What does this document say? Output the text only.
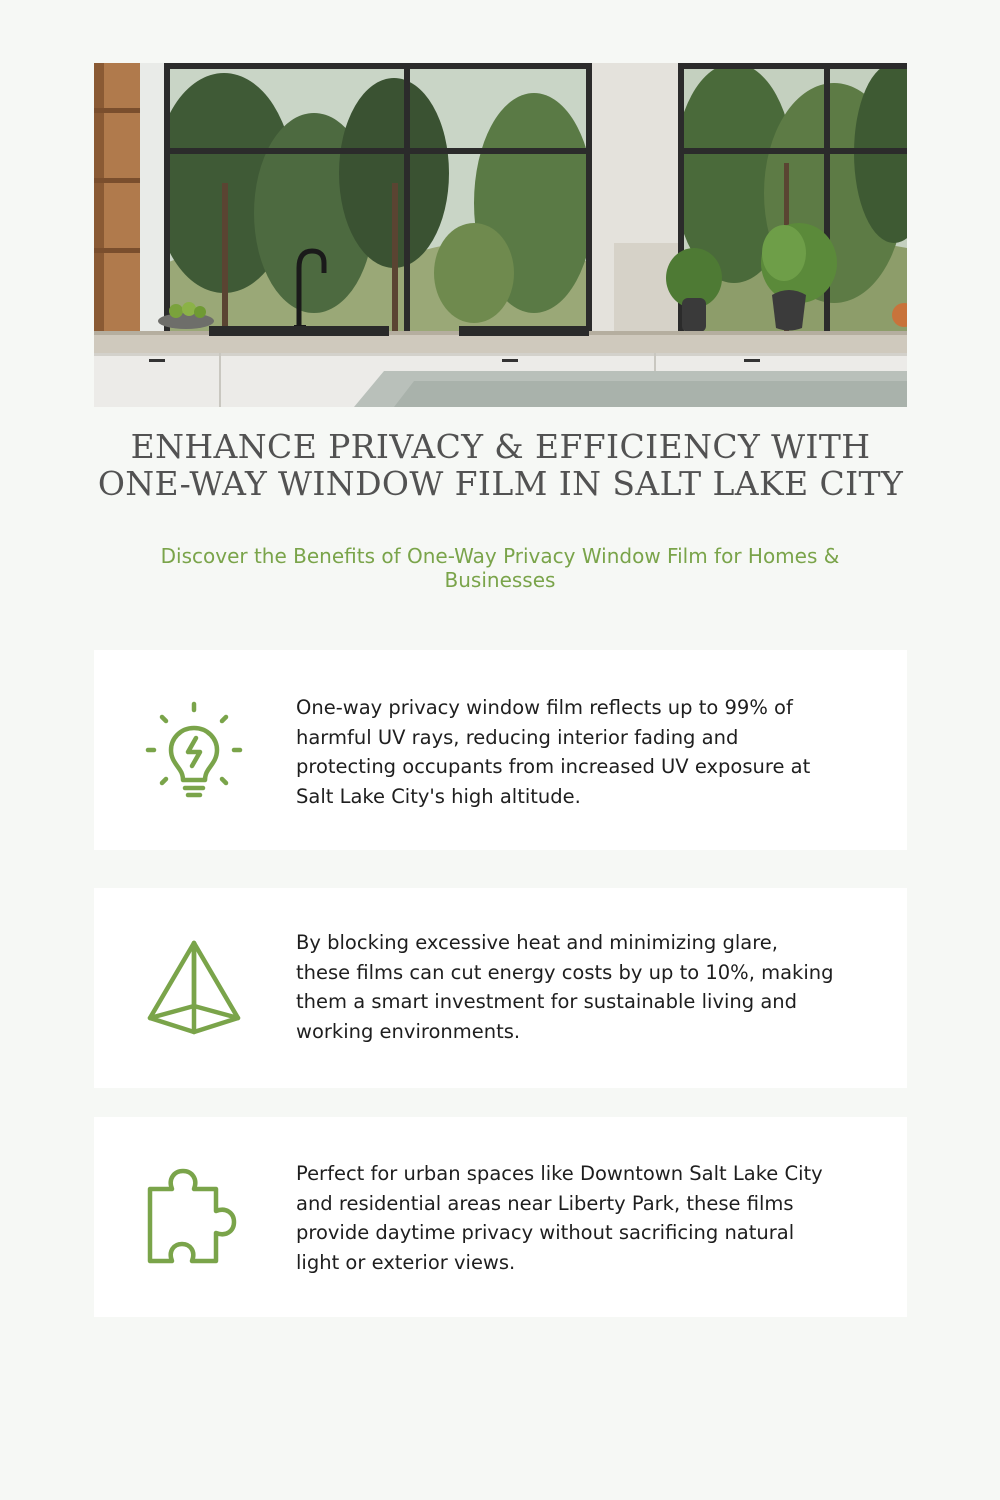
ENHANCE PRIVACY & EFFICIENCY WITH ONE-WAY WINDOW FILM IN SALT LAKE CITY

Discover the Benefits of One-Way Privacy Window Film for Homes & Businesses

One-way privacy window film reflects up to 99% of harmful UV rays, reducing interior fading and protecting occupants from increased UV exposure at Salt Lake City's high altitude.

By blocking excessive heat and minimizing glare, these films can cut energy costs by up to 10%, making them a smart investment for sustainable living and working environments.

Perfect for urban spaces like Downtown Salt Lake City and residential areas near Liberty Park, these films provide daytime privacy without sacrificing natural light or exterior views.
